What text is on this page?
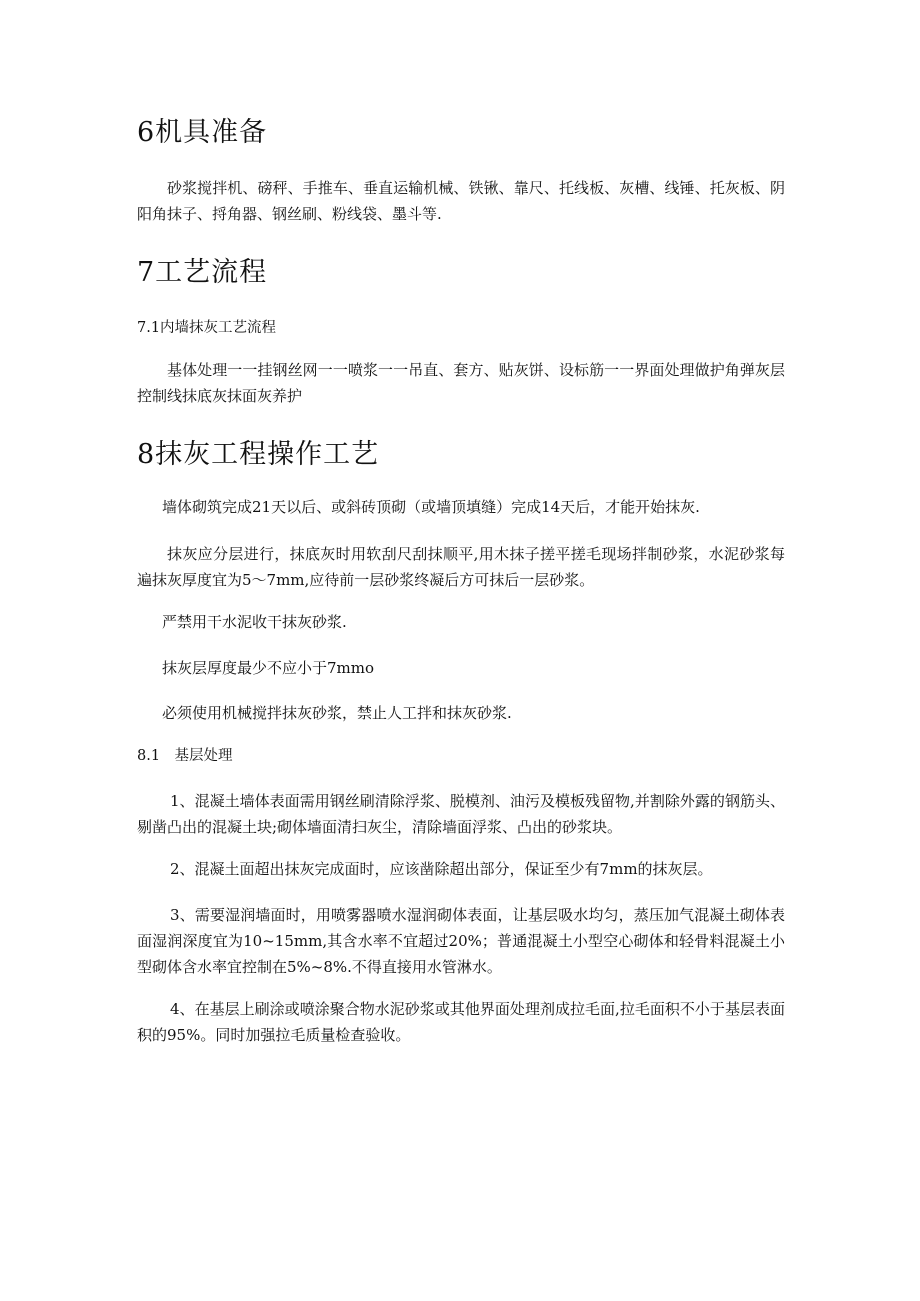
6机具准备
砂浆搅拌机、磅秤、手推车、垂直运输机械、铁锹、靠尺、托线板、灰槽、线锤、托灰板、阴阳角抹子、捋角器、钢丝刷、粉线袋、墨斗等.
7工艺流程
7.1内墙抹灰工艺流程
基体处理一一挂钢丝网一一喷浆一一吊直、套方、贴灰饼、设标筋一一界面处理做护角弹灰层控制线抹底灰抹面灰养护
8抹灰工程操作工艺
墙体砌筑完成21天以后、或斜砖顶砌（或墙顶填缝）完成14天后，才能开始抹灰.
抹灰应分层进行，抹底灰时用软刮尺刮抹顺平,用木抹子搓平搓毛现场拌制砂浆，水泥砂浆每遍抹灰厚度宜为5〜7mm,应待前一层砂浆终凝后方可抹后一层砂浆。
严禁用干水泥收干抹灰砂浆.
抹灰层厚度最少不应小于7mmo
必须使用机械搅拌抹灰砂浆，禁止人工拌和抹灰砂浆.
8.1　基层处理
1、混凝土墙体表面需用钢丝刷清除浮浆、脱模剂、油污及模板残留物,并割除外露的钢筋头、剔凿凸出的混凝土块;砌体墙面清扫灰尘，清除墙面浮浆、凸出的砂浆块。
2、混凝土面超出抹灰完成面时，应该凿除超出部分，保证至少有7mm的抹灰层。
3、需要湿润墙面时，用喷雾器喷水湿润砌体表面，让基层吸水均匀，蒸压加气混凝土砌体表面湿润深度宜为10~15mm,其含水率不宜超过20%；普通混凝土小型空心砌体和轻骨料混凝土小型砌体含水率宜控制在5%~8%.不得直接用水管淋水。
4、在基层上刷涂或喷涂聚合物水泥砂浆或其他界面处理剂成拉毛面,拉毛面积不小于基层表面积的95%。同时加强拉毛质量检查验收。
